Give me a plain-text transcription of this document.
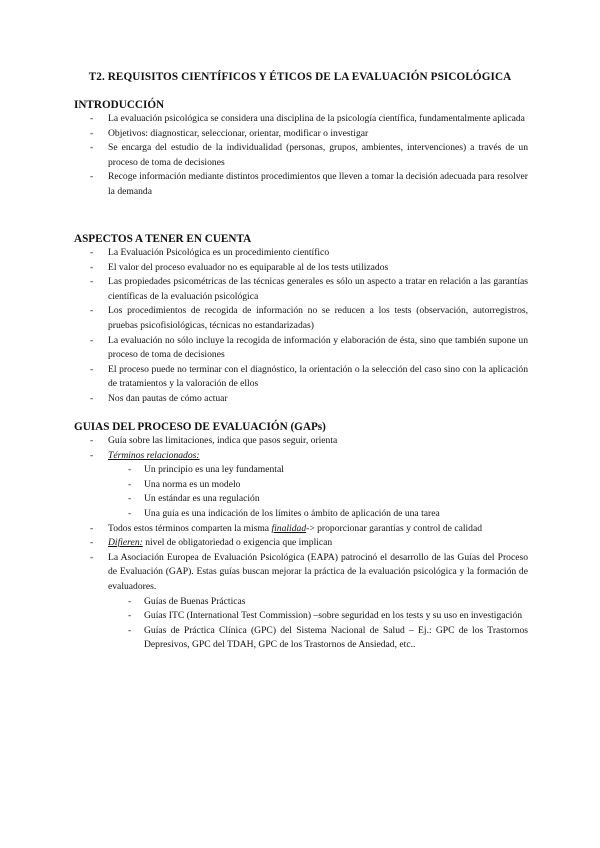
T2. REQUISITOS CIENTÍFICOS Y ÉTICOS DE LA EVALUACIÓN PSICOLÓGICA
INTRODUCCIÓN
- La evaluación psicológica se considera una disciplina de la psicología científica, fundamentalmente aplicada
- Objetivos: diagnosticar, seleccionar, orientar, modificar o investigar
- Se encarga del estudio de la individualidad (personas, grupos, ambientes, intervenciones) a través de un proceso de toma de decisiones
- Recoge información mediante distintos procedimientos que lleven a tomar la decisión adecuada para resolver la demanda
ASPECTOS A TENER EN CUENTA
- La Evaluación Psicológica es un procedimiento científico
- El valor del proceso evaluador no es equiparable al de los tests utilizados
- Las propiedades psicométricas de las técnicas generales es sólo un aspecto a tratar en relación a las garantías científicas de la evaluación psicológica
- Los procedimientos de recogida de información no se reducen a los tests (observación, autorregistros, pruebas psicofisiológicas, técnicas no estandarizadas)
- La evaluación no sólo incluye la recogida de información y elaboración de ésta, sino que también supone un proceso de toma de decisiones
- El proceso puede no terminar con el diagnóstico, la orientación o la selección del caso sino con la aplicación de tratamientos y la valoración de ellos
- Nos dan pautas de cómo actuar
GUIAS DEL PROCESO DE EVALUACIÓN (GAPs)
- Guía sobre las limitaciones, indica que pasos seguir, orienta
- Términos relacionados:
- Un principio es una ley fundamental
- Una norma es un modelo
- Un estándar es una regulación
- Una guía es una indicación de los límites o ámbito de aplicación de una tarea
- Todos estos términos comparten la misma finalidad-> proporcionar garantías y control de calidad
- Difieren: nivel de obligatoriedad o exigencia que implican
- La Asociación Europea de Evaluación Psicológica (EAPA) patrocinó el desarrollo de las Guías del Proceso de Evaluación (GAP). Estas guías buscan mejorar la práctica de la evaluación psicológica y la formación de evaluadores.
- Guías de Buenas Prácticas
- Guías ITC (International Test Commission) –sobre seguridad en los tests y su uso en investigación
- Guías de Práctica Clínica (GPC) del Sistema Nacional de Salud – Ej.: GPC de los Trastornos Depresivos, GPC del TDAH, GPC de los Trastornos de Ansiedad, etc..
